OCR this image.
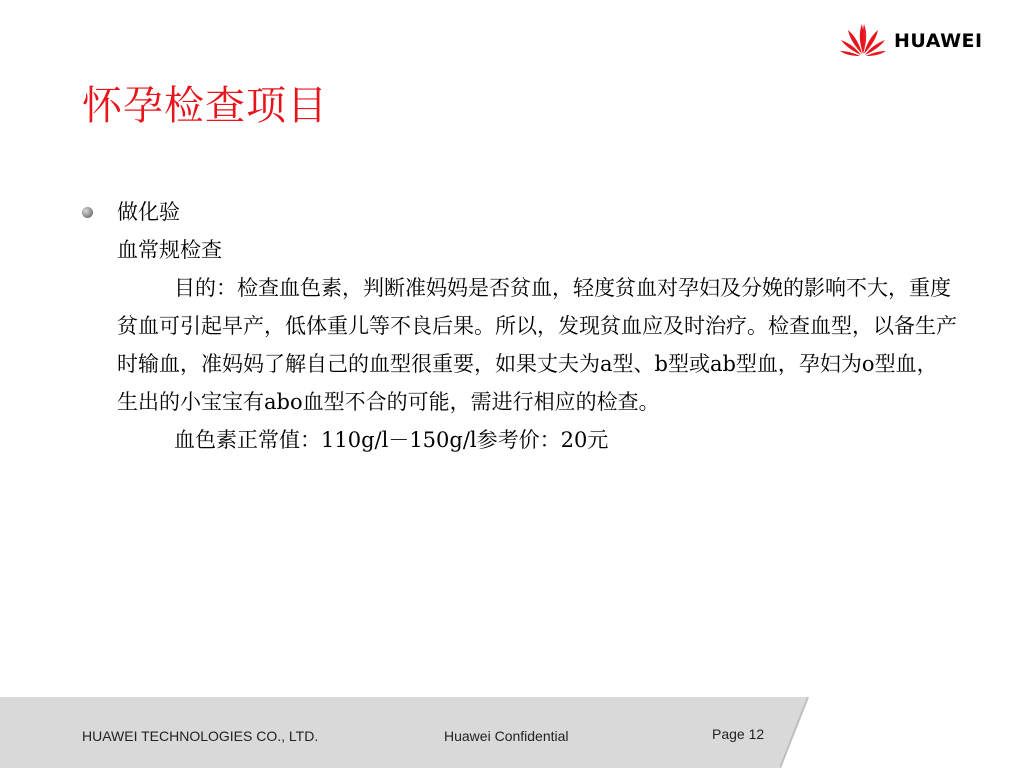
怀孕检查项目
做化验
血常规检查
目的：检查血色素，判断准妈妈是否贫血，轻度贫血对孕妇及分娩的影响不大，重度贫血可引起早产，低体重儿等不良后果。所以，发现贫血应及时治疗。检查血型，以备生产时输血，准妈妈了解自己的血型很重要，如果丈夫为a型、b型或ab型血，孕妇为o型血，生出的小宝宝有abo血型不合的可能，需进行相应的检查。
血色素正常值：110g/l－150g/l参考价：20元
HUAWEI TECHNOLOGIES CO., LTD.	Huawei Confidential	Page 12
HUAWEI
